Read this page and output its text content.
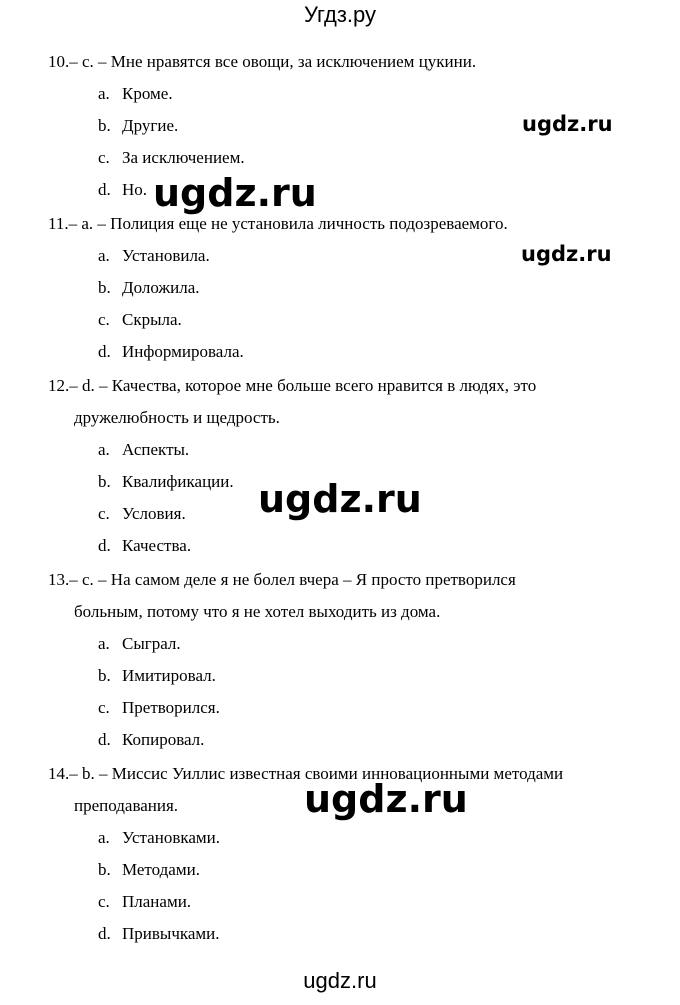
Угдз.ру
10.– c. – Мне нравятся все овощи, за исключением цукини.
a. Кроме.
b. Другие.
c. За исключением.
d. Но.
11.– a. – Полиция еще не установила личность подозреваемого.
a. Установила.
b. Доложила.
c. Скрыла.
d. Информировала.
12.– d. – Качества, которое мне больше всего нравится в людях, это
дружелюбность и щедрость.
a. Аспекты.
b. Квалификации.
c. Условия.
d. Качества.
13.– c. – На самом деле я не болел вчера – Я просто претворился
больным, потому что я не хотел выходить из дома.
a. Сыграл.
b. Имитировал.
c. Претворился.
d. Копировал.
14.– b. – Миссис Уиллис известная своими инновационными методами
преподавания.
a. Установками.
b. Методами.
c. Планами.
d. Привычками.
ugdz.ru
ugdz.ru
ugdz.ru
ugdz.ru
ugdz.ru
ugdz.ru
